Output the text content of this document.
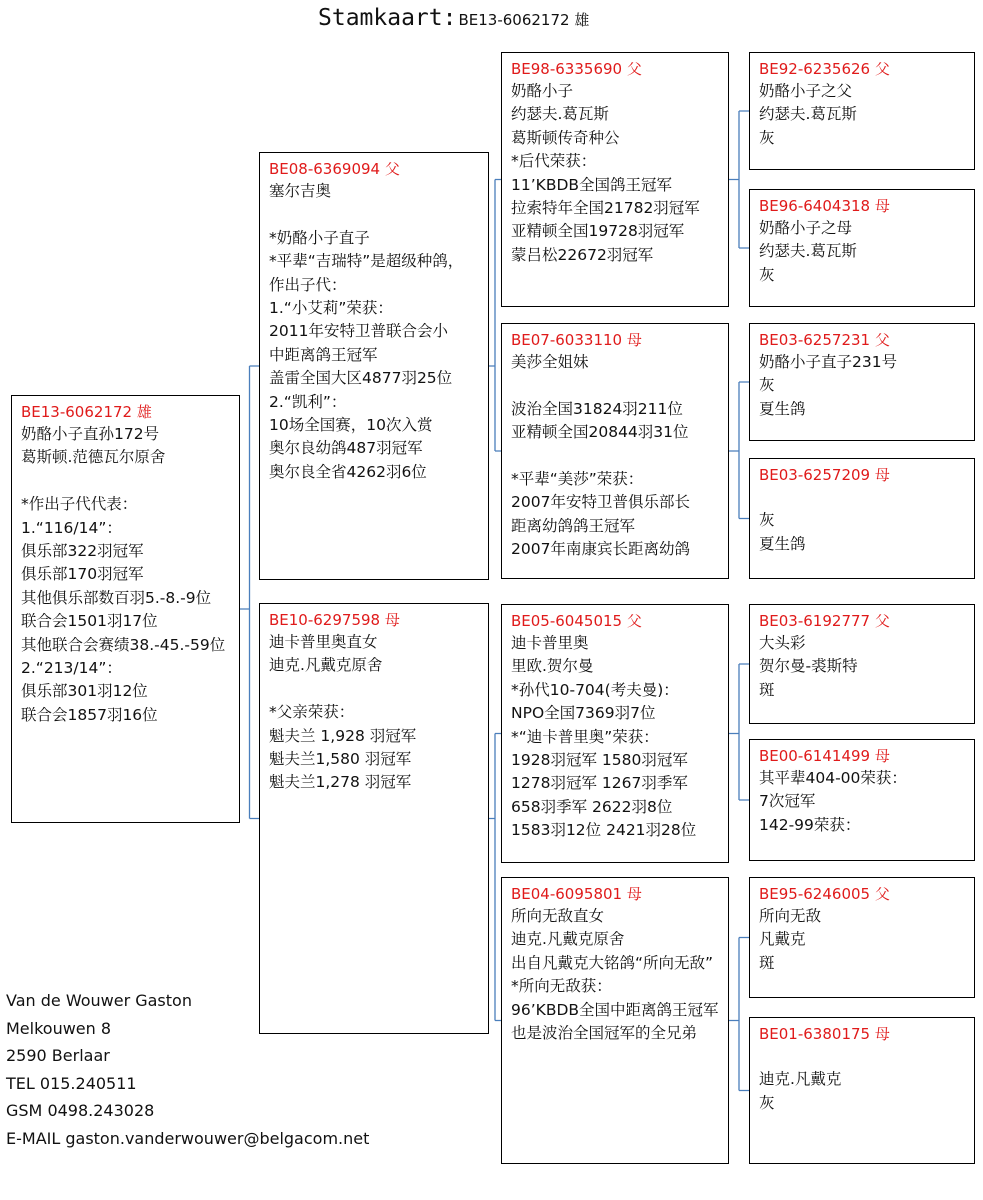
Stamkaart: BE13-6062172 雄
BE13-6062172 雄
奶酪小子直孙172号
葛斯顿.范德瓦尔原舍
*作出子代代表：
1.“116/14”：
俱乐部322羽冠军
俱乐部170羽冠军
其他俱乐部数百羽5.-8.-9位
联合会1501羽17位
其他联合会赛绩38.-45.-59位
2.“213/14”：
俱乐部301羽12位
联合会1857羽16位
BE08-6369094 父
塞尔吉奥
*奶酪小子直子
*平辈“吉瑞特”是超级种鸽，
作出子代：
1.“小艾莉”荣获：
2011年安特卫普联合会小
中距离鸽王冠军
盖雷全国大区4877羽25位
2.“凯利”：
10场全国赛，10次入赏
奥尔良幼鸽487羽冠军
奥尔良全省4262羽6位
BE10-6297598 母
迪卡普里奥直女
迪克.凡戴克原舍
*父亲荣获：
魁夫兰 1,928 羽冠军
魁夫兰1,580 羽冠军
魁夫兰1,278 羽冠军
BE98-6335690 父
奶酪小子
约瑟夫.葛瓦斯
葛斯顿传奇种公
*后代荣获：
11’KBDB全国鸽王冠军
拉索特年全国21782羽冠军
亚精顿全国19728羽冠军
蒙吕松22672羽冠军
BE07-6033110 母
美莎全姐妹
波治全国31824羽211位
亚精顿全国20844羽31位
*平辈“美莎”荣获：
2007年安特卫普俱乐部长
距离幼鸽鸽王冠军
2007年南康宾长距离幼鸽
BE05-6045015 父
迪卡普里奥
里欧.贺尔曼
*孙代10-704(考夫曼)：
NPO全国7369羽7位
*“迪卡普里奥”荣获：
1928羽冠军 1580羽冠军
1278羽冠军 1267羽季军
658羽季军 2622羽8位
1583羽12位 2421羽28位
BE04-6095801 母
所向无敌直女
迪克.凡戴克原舍
出自凡戴克大铭鸽“所向无敌”
*所向无敌获：
96’KBDB全国中距离鸽王冠军
也是波治全国冠军的全兄弟
BE92-6235626 父
奶酪小子之父
约瑟夫.葛瓦斯
灰
BE96-6404318 母
奶酪小子之母
约瑟夫.葛瓦斯
灰
BE03-6257231 父
奶酪小子直子231号
灰
夏生鸽
BE03-6257209 母
灰
夏生鸽
BE03-6192777 父
大头彩
贺尔曼-裘斯特
斑
BE00-6141499 母
其平辈404-00荣获：
7次冠军
142-99荣获：
BE95-6246005 父
所向无敌
凡戴克
斑
BE01-6380175 母
迪克.凡戴克
灰
Van de Wouwer Gaston
Melkouwen 8
2590 Berlaar
TEL 015.240511
GSM 0498.243028
E-MAIL gaston.vanderwouwer@belgacom.net
